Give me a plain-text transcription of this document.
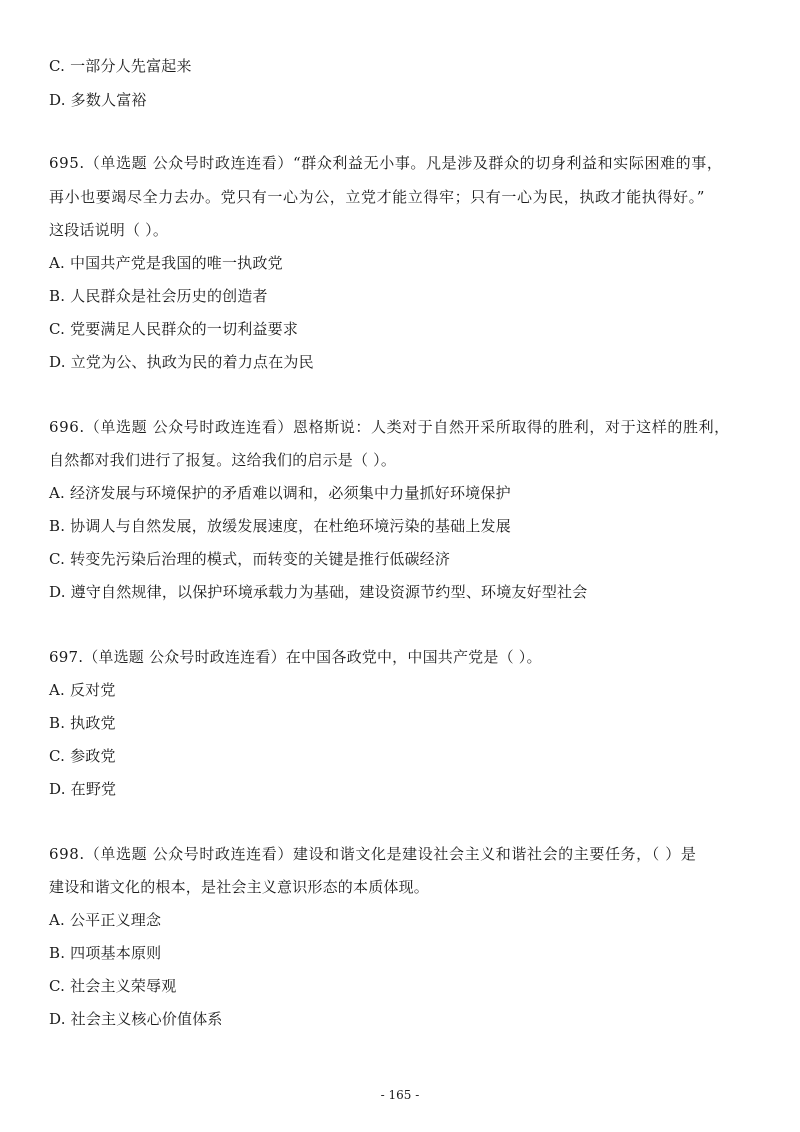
C. 一部分人先富起来
D. 多数人富裕
695.（单选题 公众号时政连连看）“群众利益无小事。凡是涉及群众的切身利益和实际困难的事，
再小也要竭尽全力去办。党只有一心为公，立党才能立得牢；只有一心为民，执政才能执得好。”
这段话说明（ ）。
A. 中国共产党是我国的唯一执政党
B. 人民群众是社会历史的创造者
C. 党要满足人民群众的一切利益要求
D. 立党为公、执政为民的着力点在为民
696.（单选题 公众号时政连连看）恩格斯说：人类对于自然开采所取得的胜利，对于这样的胜利，
自然都对我们进行了报复。这给我们的启示是（ ）。
A. 经济发展与环境保护的矛盾难以调和，必须集中力量抓好环境保护
B. 协调人与自然发展，放缓发展速度，在杜绝环境污染的基础上发展
C. 转变先污染后治理的模式，而转变的关键是推行低碳经济
D. 遵守自然规律，以保护环境承载力为基础，建设资源节约型、环境友好型社会
697.（单选题 公众号时政连连看）在中国各政党中，中国共产党是（ ）。
A. 反对党
B. 执政党
C. 参政党
D. 在野党
698.（单选题 公众号时政连连看）建设和谐文化是建设社会主义和谐社会的主要任务，（ ）是
建设和谐文化的根本，是社会主义意识形态的本质体现。
A. 公平正义理念
B. 四项基本原则
C. 社会主义荣辱观
D. 社会主义核心价值体系
- 165 -
